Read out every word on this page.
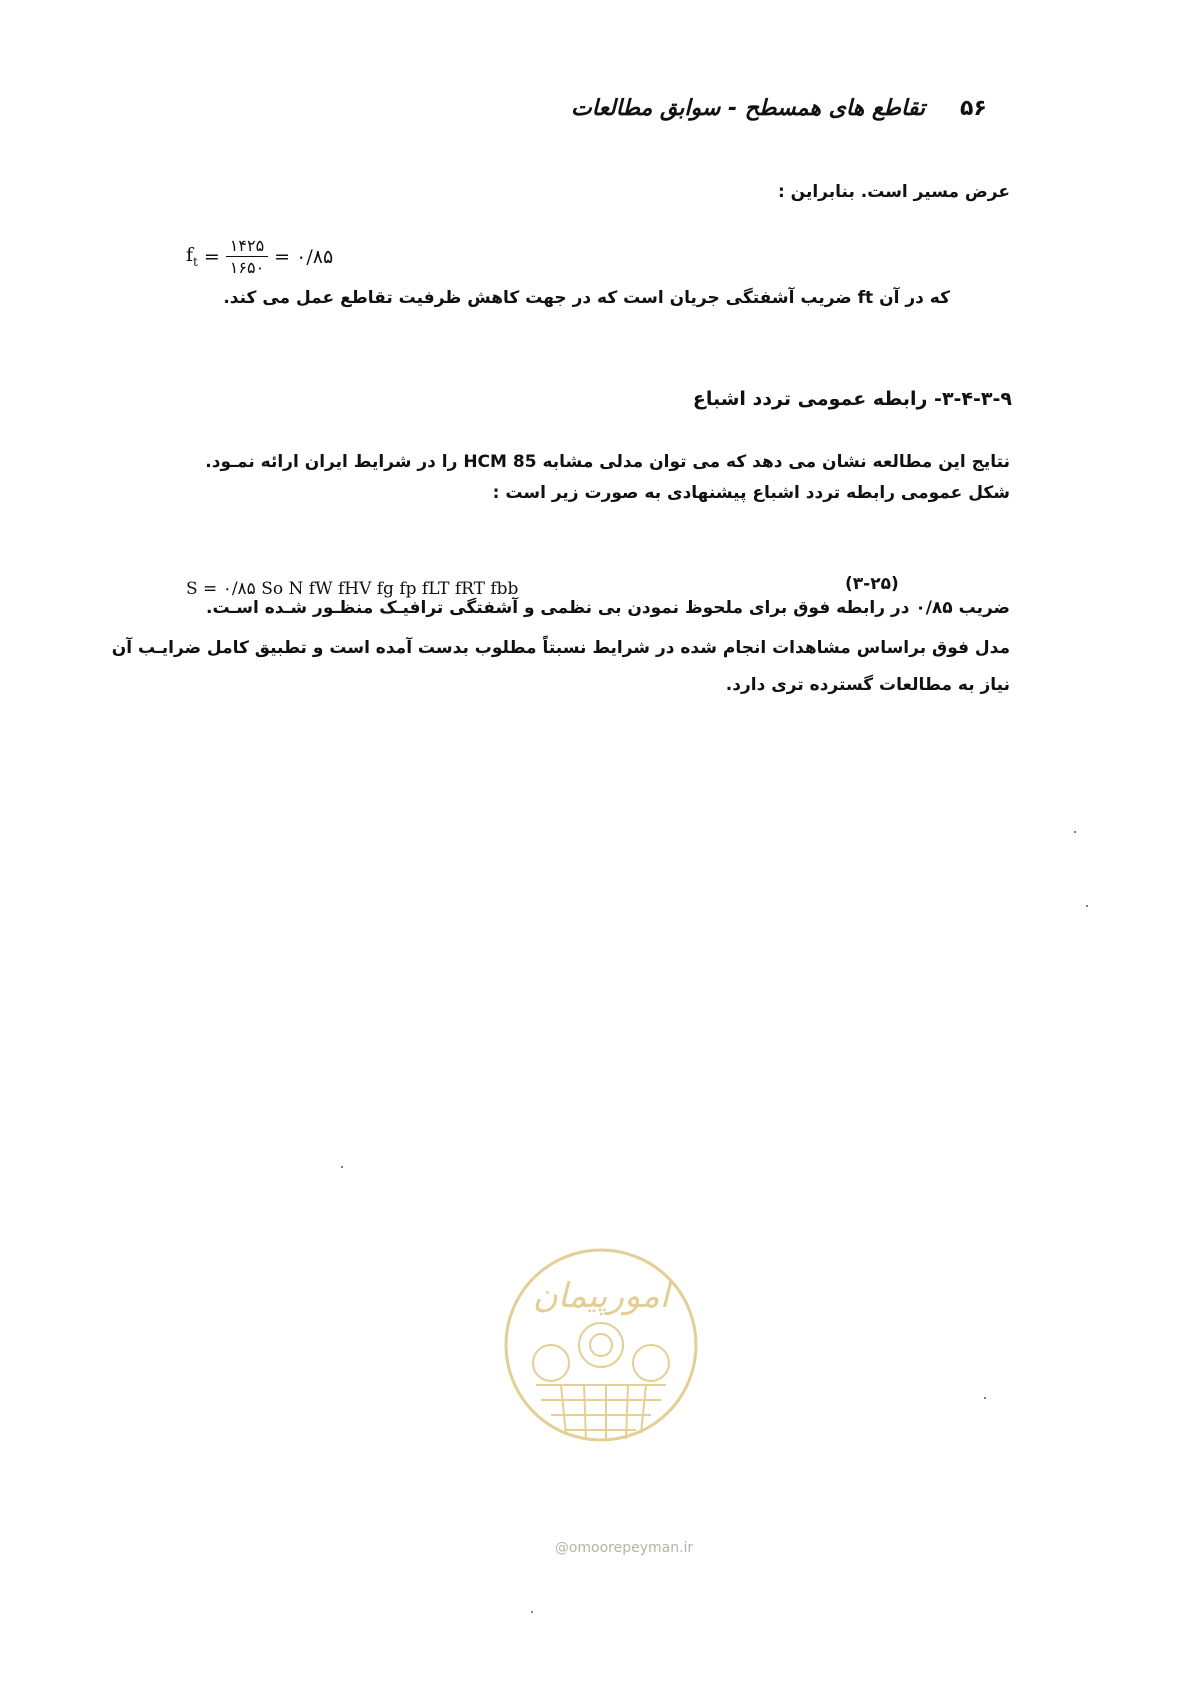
۵۶
تقاطع های همسطح - سوابق مطالعات
عرض مسیر است. بنابراین :
$f_t = \frac{۱۴۲۵}{۱۶۵۰}$ = ۰/۸۵
که در آن ft ضریب آشفتگی جریان است که در جهت کاهش ظرفیت تقاطع عمل می کند.
۳-۴-۳-۹- رابطه عمومی تردد اشباع
نتایج این مطالعه نشان می دهد که می توان مدلی مشابه HCM 85 را در شرایط ایران ارائه نمـود.
شکل عمومی رابطه تردد اشباع پیشنهادی به صورت زیر است :
S = ۰/۸۵ So N fW fHV fg fp fLT fRT fbb	(۳-۲۵)
ضریب ۰/۸۵ در رابطه فوق برای ملحوظ نمودن بی نظمی و آشفتگی ترافیـک منظـور شـده اسـت.
مدل فوق براساس مشاهدات انجام شده در شرایط نسبتاً مطلوب بدست آمده است و تطبیق کامل ضرایـب آن
نیاز به مطالعات گسترده تری دارد.
امورپیمان
@omoorepeyman.ir
